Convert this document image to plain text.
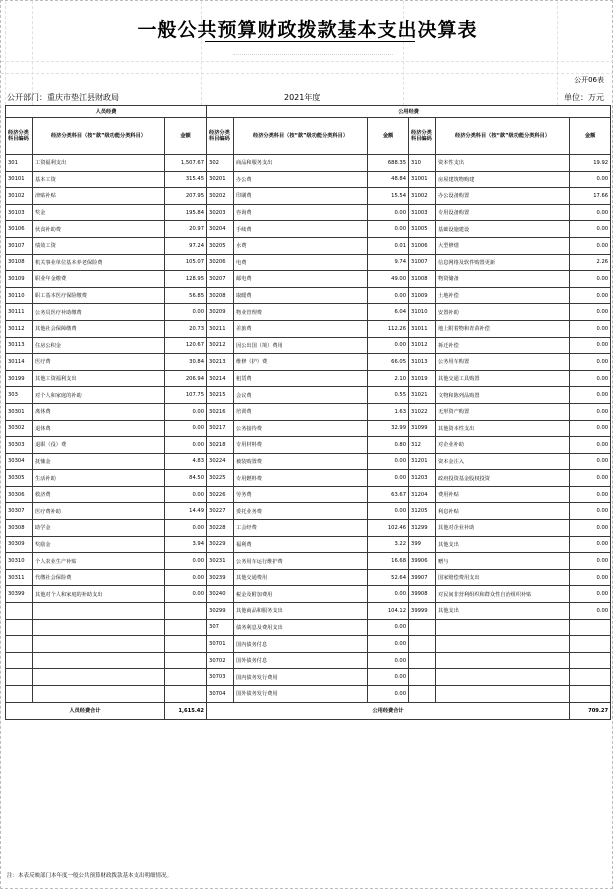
一般公共预算财政拨款基本支出决算表
公开06表
公开部门：重庆市垫江县财政局	2021年度	单位：万元
人员经费			公用经费					
经济分类科目编码	经济分类科目（按“款”级功能分类科目）	金额	经济分类科目编码	经济分类科目（按“款”级功能分类科目）	金额	经济分类科目编码	经济分类科目（按“款”级功能分类科目）	金额
301	工资福利支出	1,507.67	302	商品和服务支出	688.35	310	资本性支出	19.92
30101	基本工资	315.45	30201	办公费	48.84	31001	房屋建筑物购建	0.00
30102	津贴补贴	207.95	30202	印刷费	15.54	31002	办公设备购置	17.66
30103	奖金	195.84	30203	咨询费	0.00	31003	专用设备购置	0.00
30106	伙食补助费	20.97	30204	手续费	0.00	31005	基础设施建设	0.00
30107	绩效工资	97.24	30205	水费	0.01	31006	大型修缮	0.00
30108	机关事业单位基本养老保险费	105.07	30206	电费	9.74	31007	信息网络及软件购置更新	2.26
30109	职业年金缴费	128.95	30207	邮电费	49.00	31008	物资储备	0.00
30110	职工基本医疗保险缴费	56.85	30208	取暖费	0.00	31009	土地补偿	0.00
30111	公务员医疗补助缴费	0.00	30209	物业管理费	6.04	31010	安置补助	0.00
30112	其他社会保障缴费	20.73	30211	差旅费	112.26	31011	地上附着物和青苗补偿	0.00
30113	住房公积金	120.67	30212	因公出国（境）费用	0.00	31012	拆迁补偿	0.00
30114	医疗费	30.84	30213	维修（护）费	66.05	31013	公务用车购置	0.00
30199	其他工资福利支出	206.94	30214	租赁费	2.10	31019	其他交通工具购置	0.00
303	对个人和家庭的补助	107.75	30215	会议费	0.55	31021	文物和陈列品购置	0.00
30301	离休费	0.00	30216	培训费	1.63	31022	无形资产购置	0.00
30302	退休费	0.00	30217	公务接待费	32.99	31099	其他资本性支出	0.00
30303	退职（役）费	0.00	30218	专用材料费	0.80	312	对企业补助	0.00
30304	抚恤金	4.83	30224	被装购置费	0.00	31201	资本金注入	0.00
30305	生活补助	84.50	30225	专用燃料费	0.00	31203	政府投资基金股权投资	0.00
30306	救济费	0.00	30226	劳务费	63.67	31204	费用补贴	0.00
30307	医疗费补助	14.49	30227	委托业务费	0.00	31205	利息补贴	0.00
30308	助学金	0.00	30228	工会经费	102.46	31299	其他对企业补助	0.00
30309	奖励金	3.94	30229	福利费	3.22	399	其他支出	0.00
30310	个人农业生产补贴	0.00	30231	公务用车运行维护费	16.68	39906	赠与	0.00
30311	代缴社会保险费	0.00	30239	其他交通费用	52.64	39907	国家赔偿费用支出	0.00
30399	其他对个人和家庭的补助支出	0.00	30240	税金及附加费用	0.00	39908	对民间非营利组织和群众性自治组织补贴	0.00
			30299	其他商品和服务支出	104.12	39999	其他支出	0.00
			307	债务利息及费用支出	0.00			
			30701	国内债务付息	0.00			
			30702	国外债务付息	0.00			
			30703	国内债务发行费用	0.00			
			30704	国外债务发行费用	0.00			
人员经费合计		1,615.42	公用经费合计					709.27
注：本表反映部门本年度一般公共预算财政拨款基本支出明细情况。
